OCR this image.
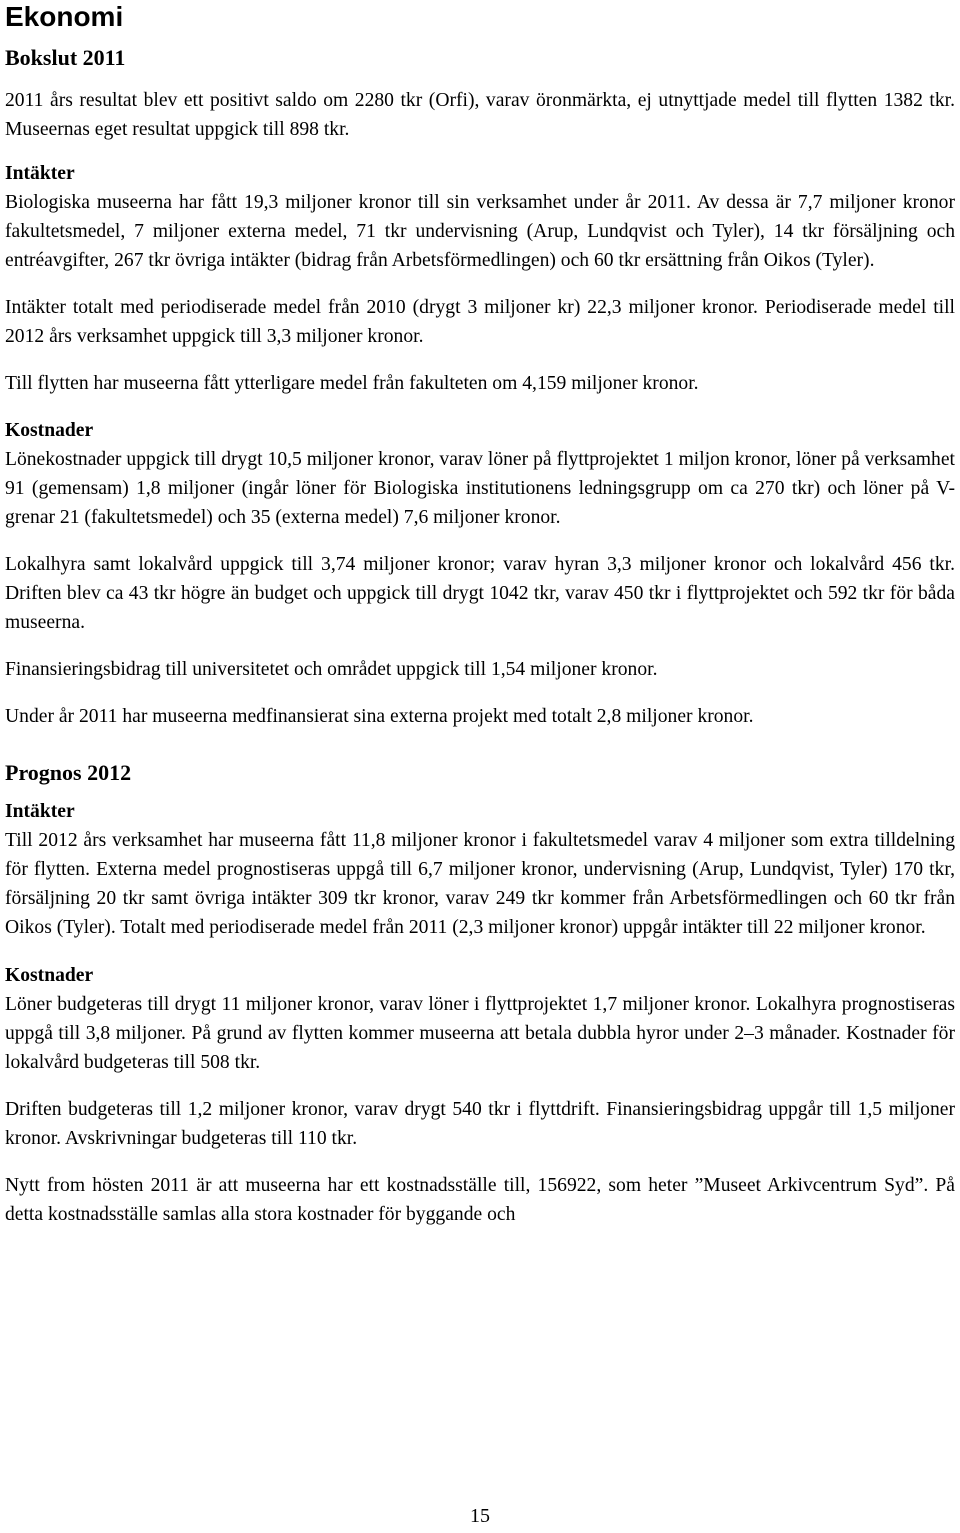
Ekonomi
Bokslut 2011

2011 års resultat blev ett positivt saldo om 2280 tkr (Orfi), varav öronmärkta, ej utnyttjade medel till flytten 1382 tkr. Museernas eget resultat uppgick till 898 tkr.

Intäkter

Biologiska museerna har fått 19,3 miljoner kronor till sin verksamhet under år 2011. Av dessa är 7,7 miljoner kronor fakultetsmedel, 7 miljoner externa medel, 71 tkr undervisning (Arup, Lundqvist och Tyler), 14 tkr försäljning och entréavgifter, 267 tkr övriga intäkter (bidrag från Arbetsförmedlingen) och 60 tkr ersättning från Oikos (Tyler).

Intäkter totalt med periodiserade medel från 2010 (drygt 3 miljoner kr) 22,3 miljoner kronor. Periodiserade medel till 2012 års verksamhet uppgick till 3,3 miljoner kronor.

Till flytten har museerna fått ytterligare medel från fakulteten om 4,159 miljoner kronor.

Kostnader

Lönekostnader uppgick till drygt 10,5 miljoner kronor, varav löner på flyttprojektet 1 miljon kronor, löner på verksamhet 91 (gemensam) 1,8 miljoner (ingår löner för Biologiska institutionens ledningsgrupp om ca 270 tkr) och löner på V-grenar 21 (fakultetsmedel) och 35 (externa medel) 7,6 miljoner kronor.

Lokalhyra samt lokalvård uppgick till 3,74 miljoner kronor; varav hyran 3,3 miljoner kronor och lokalvård 456 tkr. Driften blev ca 43 tkr högre än budget och uppgick till drygt 1042 tkr, varav 450 tkr i flyttprojektet och 592 tkr för båda museerna.

Finansieringsbidrag till universitetet och området uppgick till 1,54 miljoner kronor.

Under år 2011 har museerna medfinansierat sina externa projekt med totalt 2,8 miljoner kronor.

Prognos 2012
Intäkter

Till 2012 års verksamhet har museerna fått 11,8 miljoner kronor i fakultetsmedel varav 4 miljoner som extra tilldelning för flytten. Externa medel prognostiseras uppgå till 6,7 miljoner kronor, undervisning (Arup, Lundqvist, Tyler) 170 tkr, försäljning 20 tkr samt övriga intäkter 309 tkr kronor, varav 249 tkr kommer från Arbetsförmedlingen och 60 tkr från Oikos (Tyler). Totalt med periodiserade medel från 2011 (2,3 miljoner kronor) uppgår intäkter till 22 miljoner kronor.

Kostnader

Löner budgeteras till drygt 11 miljoner kronor, varav löner i flyttprojektet 1,7 miljoner kronor. Lokalhyra prognostiseras uppgå till 3,8 miljoner. På grund av flytten kommer museerna att betala dubbla hyror under 2–3 månader. Kostnader för lokalvård budgeteras till 508 tkr.

Driften budgeteras till 1,2 miljoner kronor, varav drygt 540 tkr i flyttdrift. Finansieringsbidrag uppgår till 1,5 miljoner kronor. Avskrivningar budgeteras till 110 tkr.

Nytt from hösten 2011 är att museerna har ett kostnadsställe till, 156922, som heter ”Museet Arkivcentrum Syd”. På detta kostnadsställe samlas alla stora kostnader för byggande och

15
